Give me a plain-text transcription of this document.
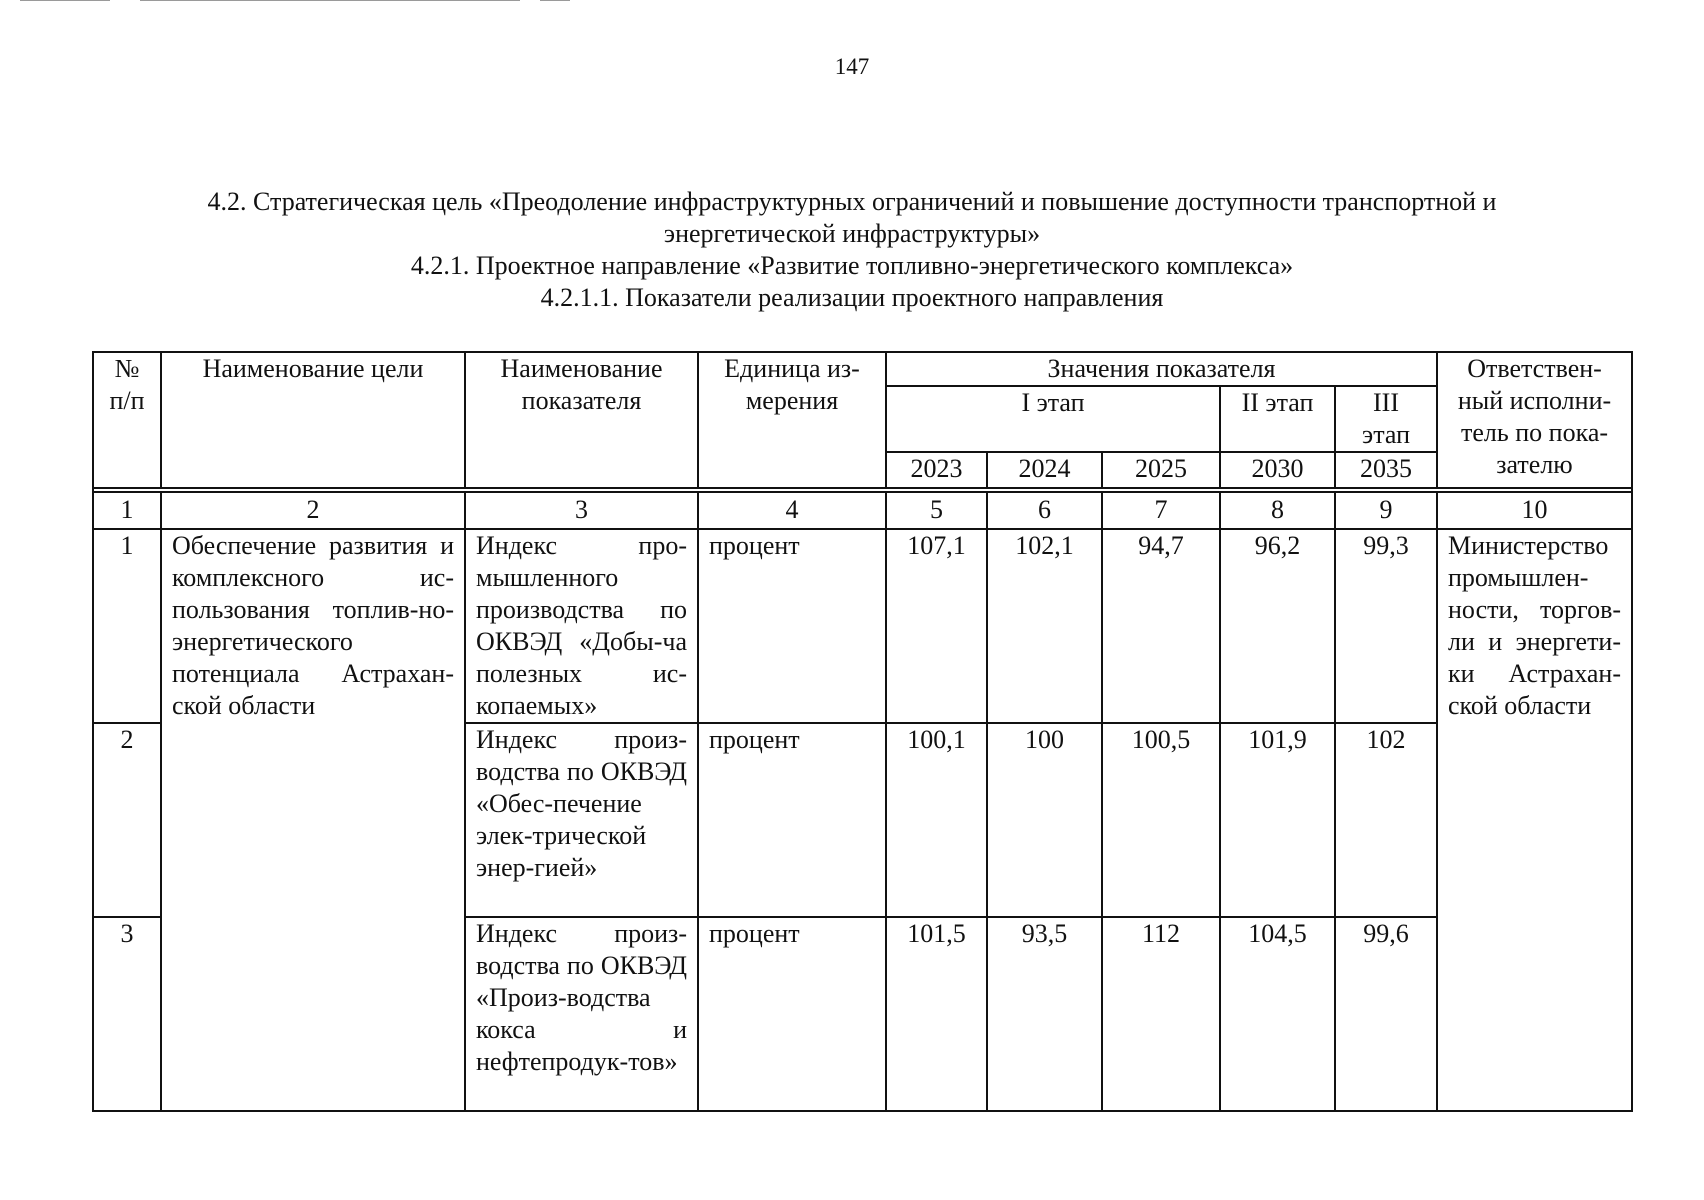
147
4.2. Стратегическая цель «Преодоление инфраструктурных ограничений и повышение доступности транспортной и
энергетической инфраструктуры»
4.2.1. Проектное направление «Развитие топливно-энергетического комплекса»
4.2.1.1. Показатели реализации проектного направления
№ п/п	Наименование цели	Наименование показателя	Единица из-мерения	Значения показателя					Ответствен-ный исполни-тель по пока-зателю
				I этап			II этап	III этап	

				2023	2024	2025	2030	2035	

1	2	3	4	5	6	7	8	9	10
1	Обеспечение развития и комплексного ис-пользования топлив-но-энергетического потенциала Астрахан-ской области	Индекс про-мышленного производства по ОКВЭД «Добы-ча полезных ис-копаемых»	процент	107,1	102,1	94,7	96,2	99,3	Министерство промышлен-ности, торгов-ли и энергети-ки Астрахан-ской области
2		Индекс произ-водства по ОКВЭД «Обес-печение элек-трической энер-гией»	процент	100,1	100	100,5	101,9	102	
3		Индекс произ-водства по ОКВЭД «Произ-водства кокса и нефтепродук-тов»	процент	101,5	93,5	112	104,5	99,6	
